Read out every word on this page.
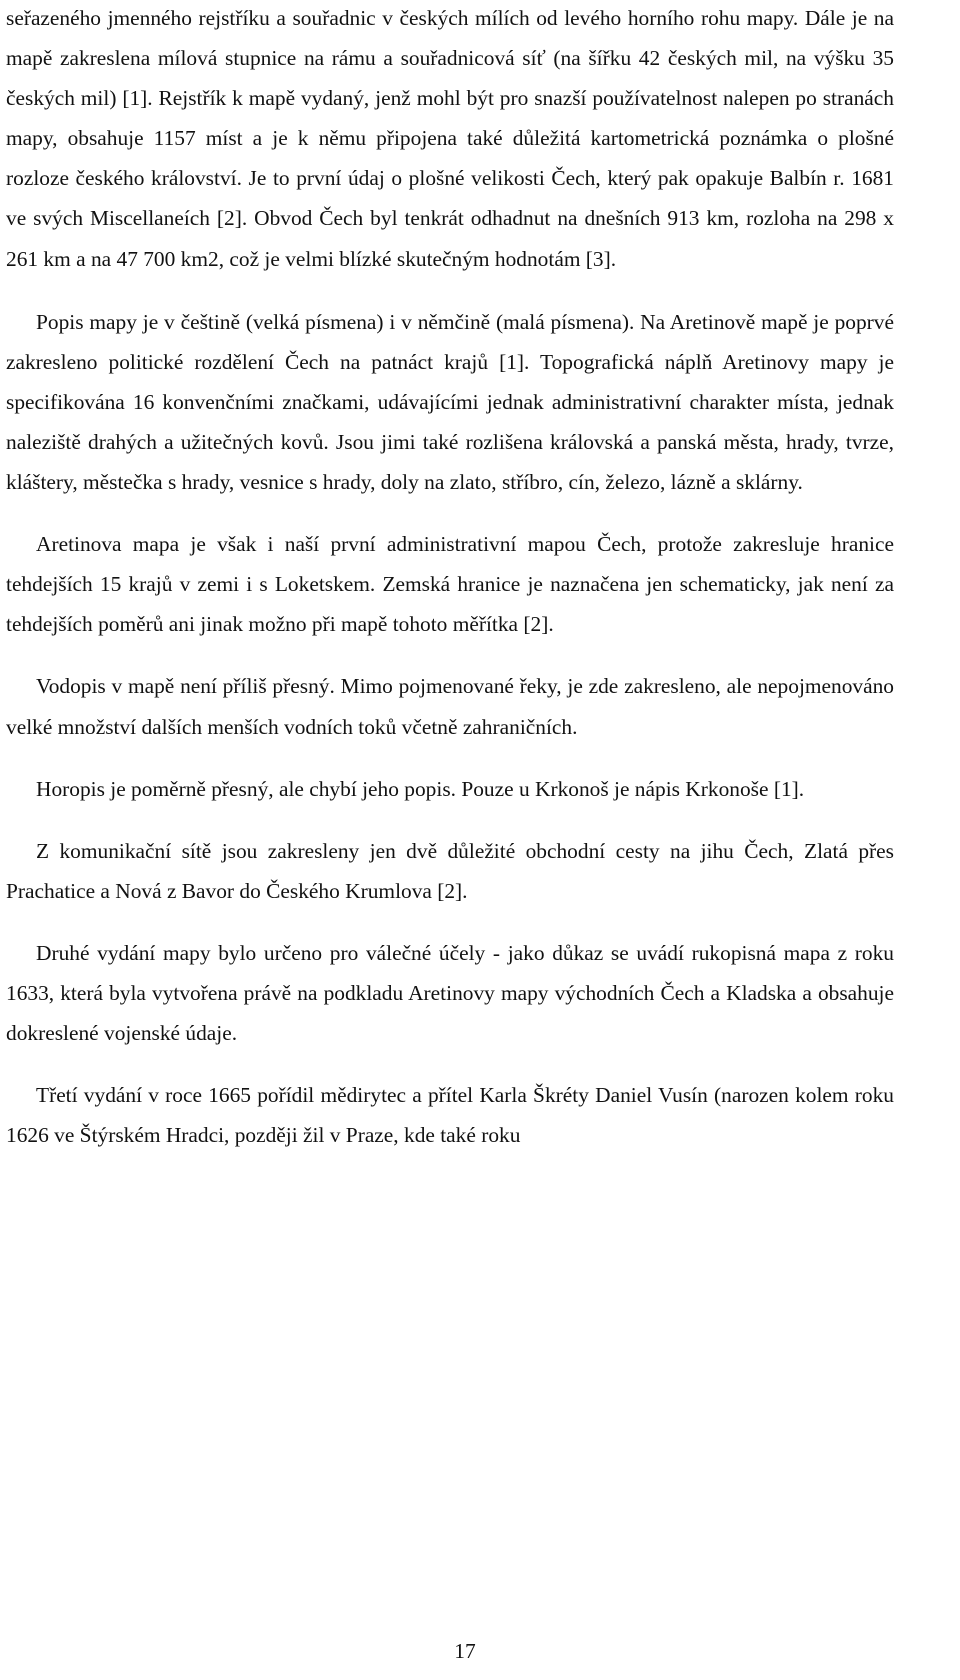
seřazeného jmenného rejstříku a souřadnic v českých mílích od levého horního rohu mapy. Dále je na mapě zakreslena mílová stupnice na rámu a souřadnicová síť (na šířku 42 českých mil, na výšku 35 českých mil) [1]. Rejstřík k mapě vydaný, jenž mohl být pro snazší používatelnost nalepen po stranách mapy, obsahuje 1157 míst a je k němu připojena také důležitá kartometrická poznámka o plošné rozloze českého království. Je to první údaj o plošné velikosti Čech, který pak opakuje Balbín r. 1681 ve svých Miscellaneích [2]. Obvod Čech byl tenkrát odhadnut na dnešních 913 km, rozloha na 298 x 261 km a na 47 700 km2, což je velmi blízké skutečným hodnotám [3].

Popis mapy je v češtině (velká písmena) i v němčině (malá písmena). Na Aretinově mapě je poprvé zakresleno politické rozdělení Čech na patnáct krajů [1]. Topografická náplň Aretinovy mapy je specifikována 16 konvenčními značkami, udávajícími jednak administrativní charakter místa, jednak naleziště drahých a užitečných kovů. Jsou jimi také rozlišena královská a panská města, hrady, tvrze, kláštery, městečka s hrady, vesnice s hrady, doly na zlato, stříbro, cín, železo, lázně a sklárny.

Aretinova mapa je však i naší první administrativní mapou Čech, protože zakresluje hranice tehdejších 15 krajů v zemi i s Loketskem. Zemská hranice je naznačena jen schematicky, jak není za tehdejších poměrů ani jinak možno při mapě tohoto měřítka [2].

Vodopis v mapě není příliš přesný. Mimo pojmenované řeky, je zde zakresleno, ale nepojmenováno velké množství dalších menších vodních toků včetně zahraničních.

Horopis je poměrně přesný, ale chybí jeho popis. Pouze u Krkonoš je nápis Krkonoše [1].

Z komunikační sítě jsou zakresleny jen dvě důležité obchodní cesty na jihu Čech, Zlatá přes Prachatice a Nová z Bavor do Českého Krumlova [2].

Druhé vydání mapy bylo určeno pro válečné účely - jako důkaz se uvádí rukopisná mapa z roku 1633, která byla vytvořena právě na podkladu Aretinovy mapy východních Čech a Kladska a obsahuje dokreslené vojenské údaje.

Třetí vydání v roce 1665 pořídil mědirytec a přítel Karla Škréty Daniel Vusín (narozen kolem roku 1626 ve Štýrském Hradci, později žil v Praze, kde také roku

17
